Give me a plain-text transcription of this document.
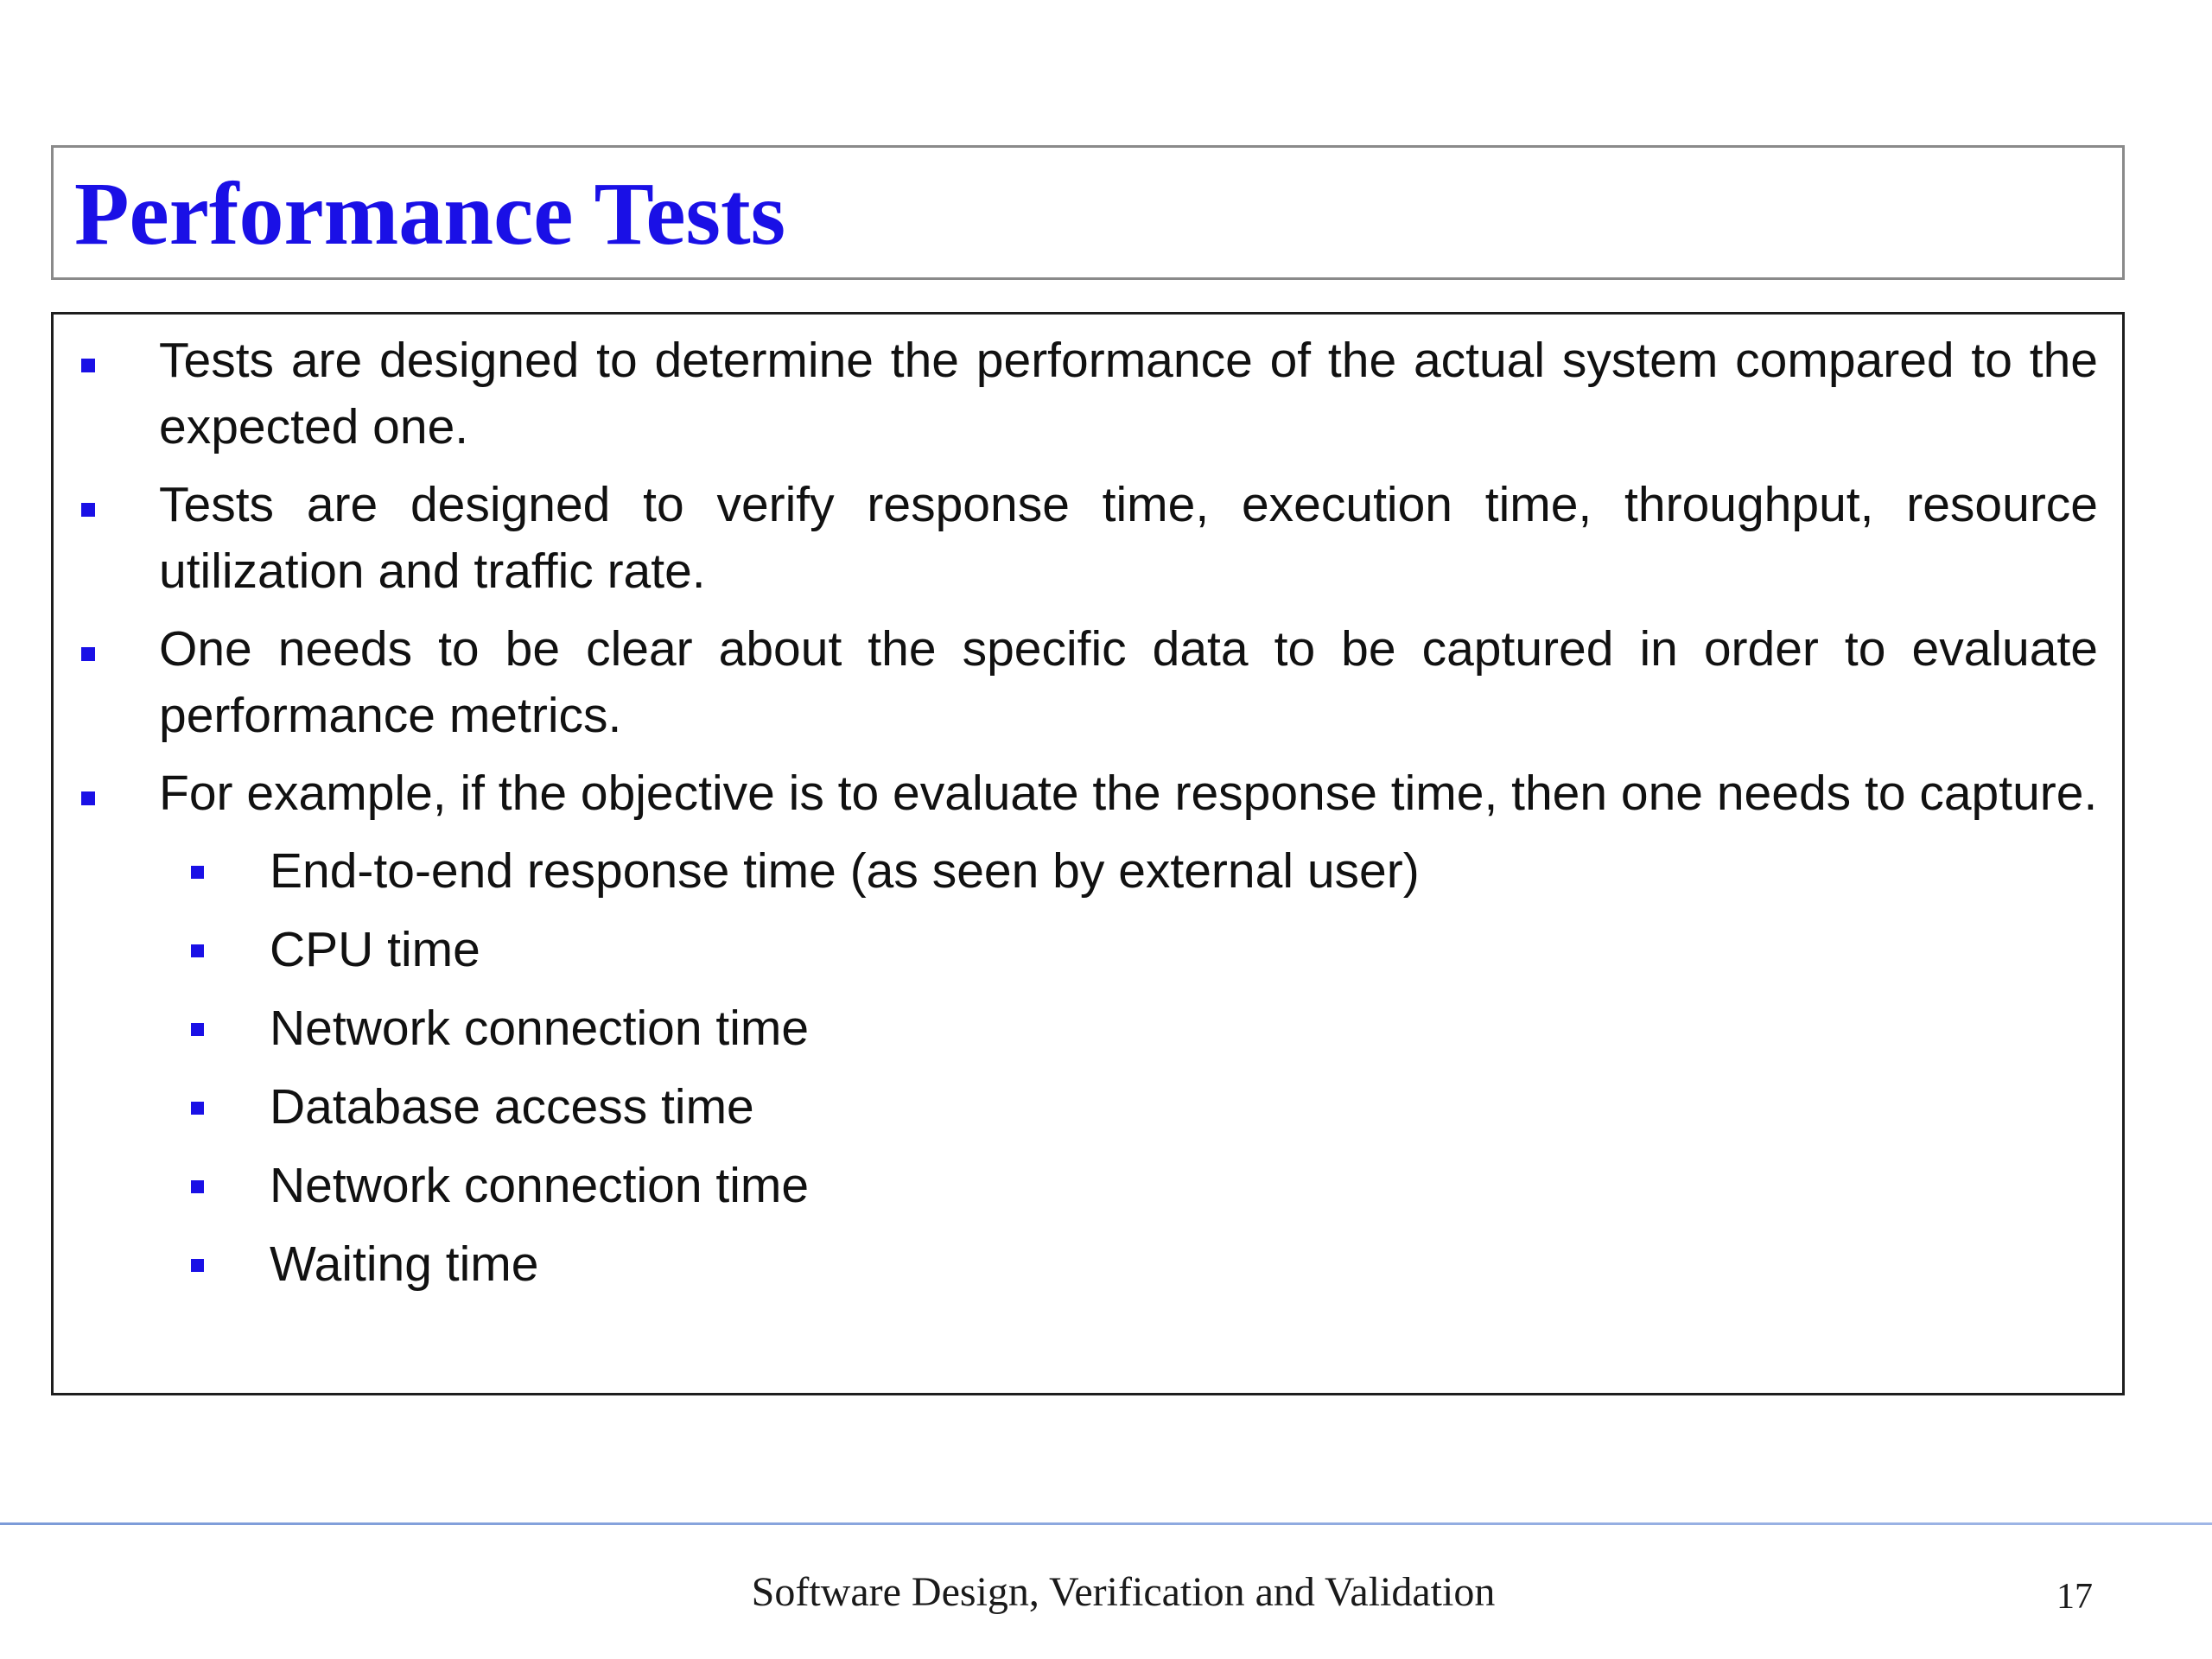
Performance Tests
Tests are designed to determine the performance of the actual system compared to the expected one.
Tests are designed to verify response time, execution time, throughput, resource utilization and traffic rate.
One needs to be clear about the specific data to be captured in order to evaluate performance metrics.
For example, if the objective is to evaluate the response time, then one needs to capture.
End-to-end response time (as seen by external user)
CPU time
Network connection time
Database access time
Network connection time
Waiting time
Software Design, Verification and Validation	17
